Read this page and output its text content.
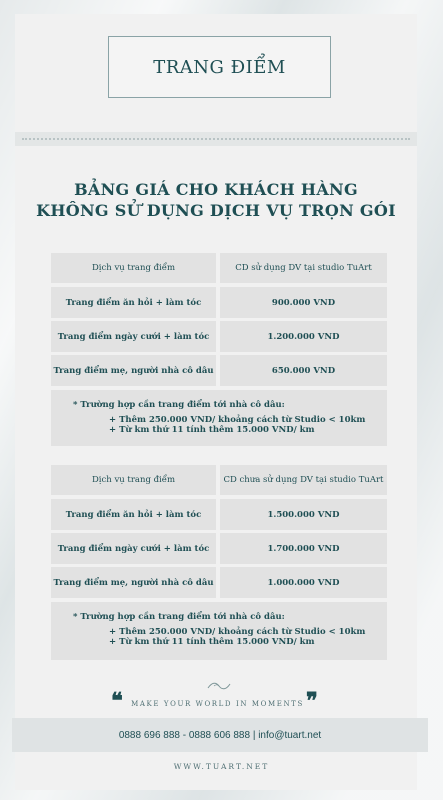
TRANG ĐIỂM
BẢNG GIÁ CHO KHÁCH HÀNG
KHÔNG SỬ DỤNG DỊCH VỤ TRỌN GÓI
Dịch vụ trang điểm	CD sử dụng DV tại studio TuArt
Trang điểm ăn hỏi + làm tóc	900.000 VND
Trang điểm ngày cưới + làm tóc	1.200.000 VND
Trang điểm mẹ, người nhà cô dâu	650.000 VND
* Trường hợp cần trang điểm tới nhà cô dâu:
+ Thêm 250.000 VND/ khoảng cách từ Studio < 10km
+ Từ km thứ 11 tính thêm 15.000 VND/ km
Dịch vụ trang điểm	CD chưa sử dụng DV tại studio TuArt
Trang điểm ăn hỏi + làm tóc	1.500.000 VND
Trang điểm ngày cưới + làm tóc	1.700.000 VND
Trang điểm mẹ, người nhà cô dâu	1.000.000 VND
* Trường hợp cần trang điểm tới nhà cô dâu:
+ Thêm 250.000 VND/ khoảng cách từ Studio < 10km
+ Từ km thứ 11 tính thêm 15.000 VND/ km
❝	MAKE YOUR WORLD IN MOMENTS ❞
0888 696 888 - 0888 606 888 | info@tuart.net
WWW.TUART.NET
